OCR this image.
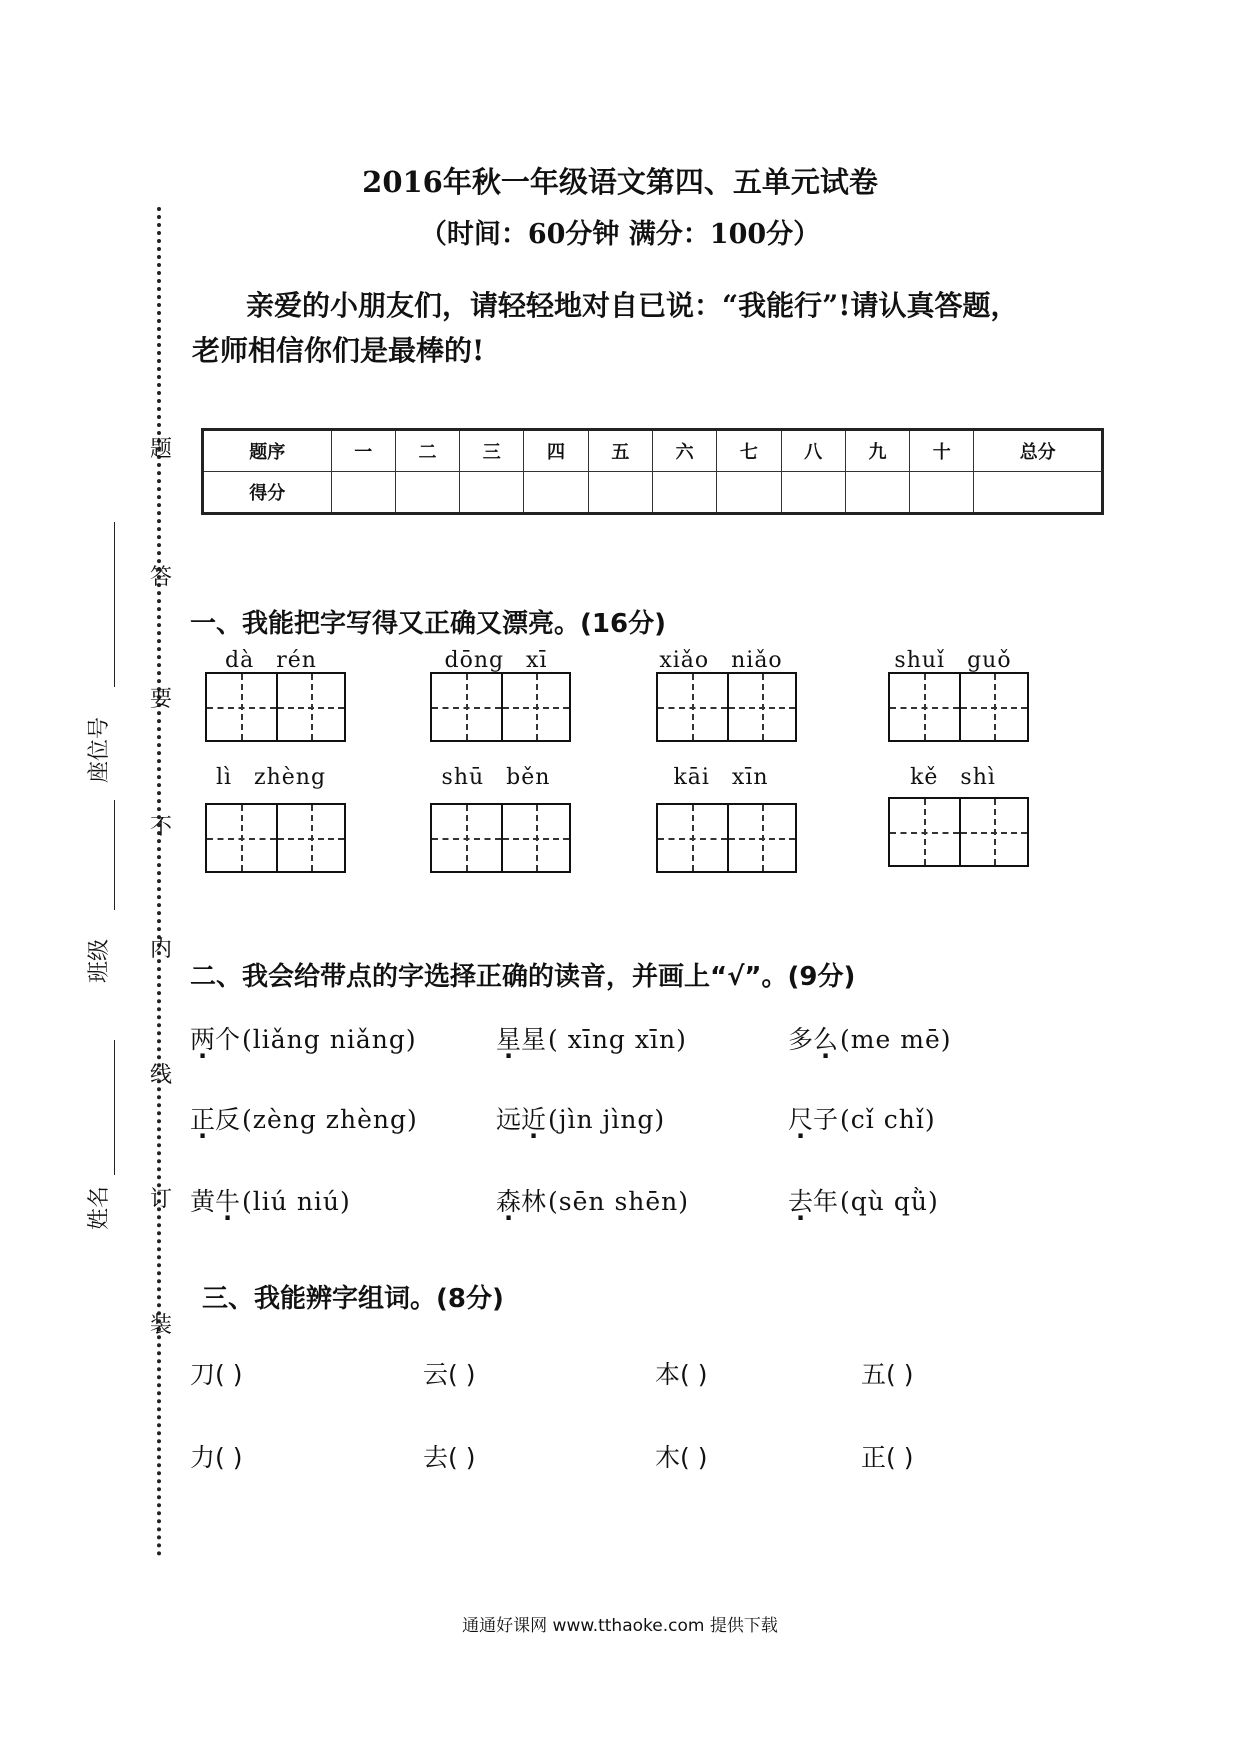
2016年秋一年级语文第四、五单元试卷
（时间：60分钟 满分：100分）
亲爱的小朋友们，请轻轻地对自已说：“我能行”!请认真答题，
老师相信你们是最棒的!
题序	一	二	三	四	五	六	七	八	九	十	总分
得分											
题
答
要
不
内
线
订
装
座位号
班级
姓名
一、我能把字写得又正确又漂亮。(16分)
dà rén	dōng xī	xiǎo niǎo	shuǐ guǒ
lì zhèng	shū běn	kāi xīn	kě shì
二、我会给带点的字选择正确的读音，并画上“√”。(9分)
两个(liǎng niǎng)	星星( xīng xīn)	多么(me mē)
正反(zèng zhèng)	远近(jìn jìng)	尺子(cǐ chǐ)
黄牛(liú niú)	森林(sēn shēn)	去年(qù qǜ)
三、我能辨字组词。(8分)
刀( )	云( )	本( )	五( )
力( )	去( )	木( )	正( )
通通好课网 www.tthaoke.com 提供下载
